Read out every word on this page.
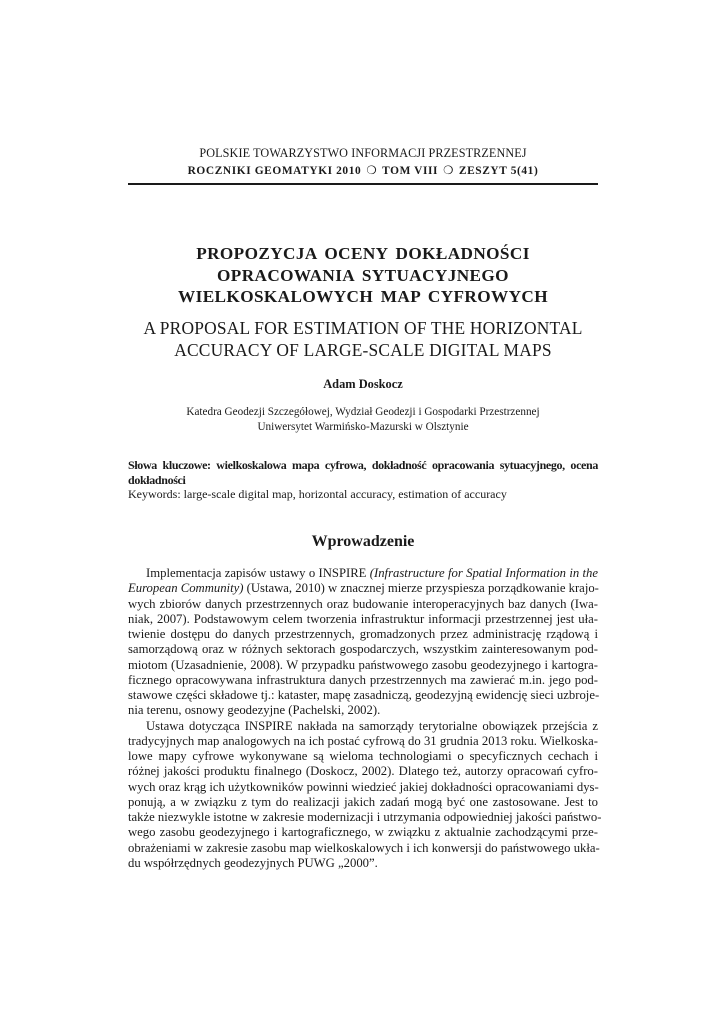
POLSKIE TOWARZYSTWO INFORMACJI PRZESTRZENNEJ
ROCZNIKI GEOMATYKI 2010 ❍ TOM VIII ❍ ZESZYT 5(41)
PROPOZYCJA OCENY DOKŁADNOŚCI
OPRACOWANIA SYTUACYJNEGO
WIELKOSKALOWYCH MAP CYFROWYCH
A PROPOSAL FOR ESTIMATION OF THE HORIZONTAL
ACCURACY OF LARGE-SCALE DIGITAL MAPS
Adam Doskocz
Katedra Geodezji Szczegółowej, Wydział Geodezji i Gospodarki Przestrzennej
Uniwersytet Warmińsko-Mazurski w Olsztynie
Słowa kluczowe: wielkoskalowa mapa cyfrowa, dokładność opracowania sytuacyjnego, ocena dokładności
Keywords: large-scale digital map, horizontal accuracy, estimation of accuracy
Wprowadzenie
Implementacja zapisów ustawy o INSPIRE (Infrastructure for Spatial Information in the
European Community) (Ustawa, 2010) w znacznej mierze przyspiesza porządkowanie krajo-
wych zbiorów danych przestrzennych oraz budowanie interoperacyjnych baz danych (Iwa-
niak, 2007). Podstawowym celem tworzenia infrastruktur informacji przestrzennej jest uła-
twienie dostępu do danych przestrzennych, gromadzonych przez administrację rządową i
samorządową oraz w różnych sektorach gospodarczych, wszystkim zainteresowanym pod-
miotom (Uzasadnienie, 2008). W przypadku państwowego zasobu geodezyjnego i kartogra-
ficznego opracowywana infrastruktura danych przestrzennych ma zawierać m.in. jego pod-
stawowe części składowe tj.: kataster, mapę zasadniczą, geodezyjną ewidencję sieci uzbroje-
nia terenu, osnowy geodezyjne (Pachelski, 2002).
Ustawa dotycząca INSPIRE nakłada na samorządy terytorialne obowiązek przejścia z
tradycyjnych map analogowych na ich postać cyfrową do 31 grudnia 2013 roku. Wielkoska-
lowe mapy cyfrowe wykonywane są wieloma technologiami o specyficznych cechach i
różnej jakości produktu finalnego (Doskocz, 2002). Dlatego też, autorzy opracowań cyfro-
wych oraz krąg ich użytkowników powinni wiedzieć jakiej dokładności opracowaniami dys-
ponują, a w związku z tym do realizacji jakich zadań mogą być one zastosowane. Jest to
także niezwykle istotne w zakresie modernizacji i utrzymania odpowiedniej jakości państwo-
wego zasobu geodezyjnego i kartograficznego, w związku z aktualnie zachodzącymi prze-
obrażeniami w zakresie zasobu map wielkoskalowych i ich konwersji do państwowego ukła-
du współrzędnych geodezyjnych PUWG „2000”.
